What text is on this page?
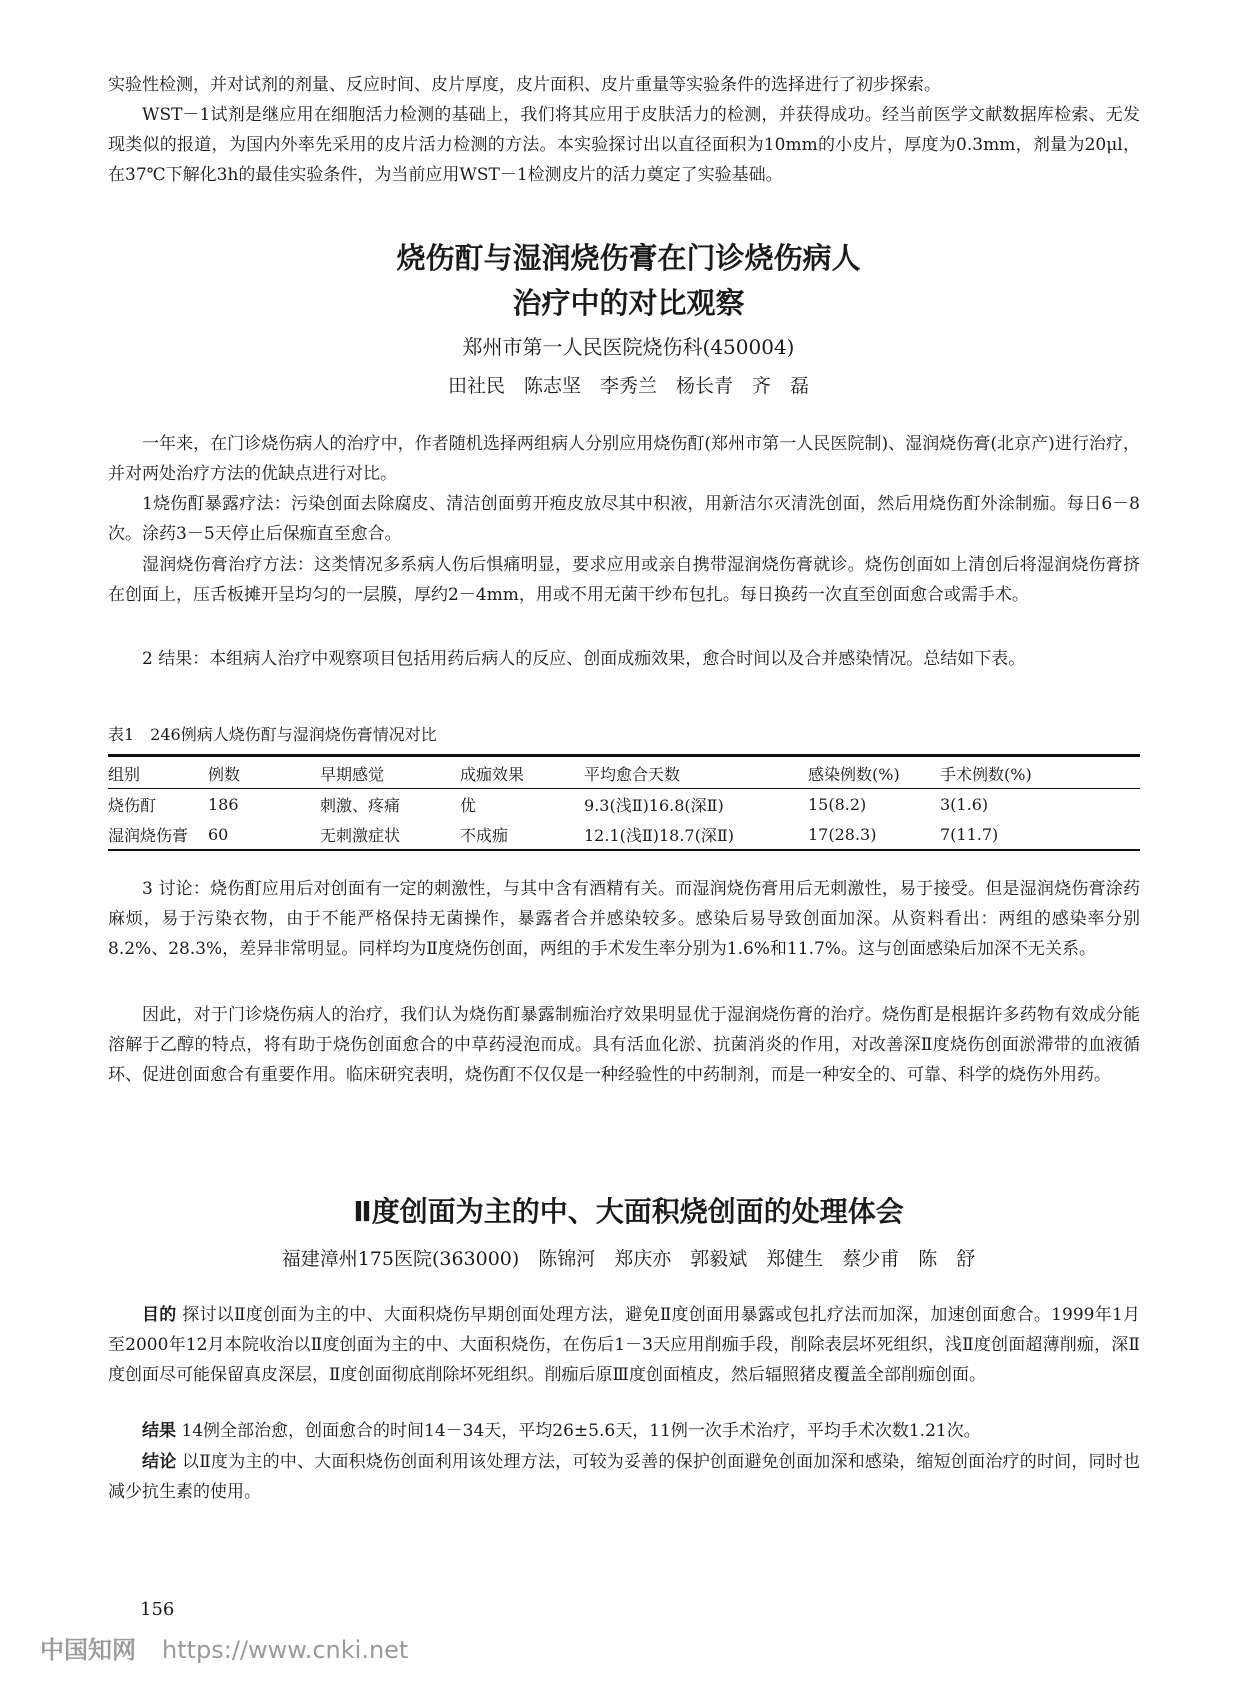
实验性检测，并对试剂的剂量、反应时间、皮片厚度，皮片面积、皮片重量等实验条件的选择进行了初步探索。

WST－1试剂是继应用在细胞活力检测的基础上，我们将其应用于皮肤活力的检测，并获得成功。经当前医学文献数据库检索、无发现类似的报道，为国内外率先采用的皮片活力检测的方法。本实验探讨出以直径面积为10mm的小皮片，厚度为0.3mm，剂量为20μl，在37℃下解化3h的最佳实验条件，为当前应用WST－1检测皮片的活力奠定了实验基础。

烧伤酊与湿润烧伤膏在门诊烧伤病人
治疗中的对比观察

郑州市第一人民医院烧伤科(450004)

田社民　陈志坚　李秀兰　杨长青　齐　磊

一年来，在门诊烧伤病人的治疗中，作者随机选择两组病人分别应用烧伤酊(郑州市第一人民医院制)、湿润烧伤膏(北京产)进行治疗，并对两处治疗方法的优缺点进行对比。

1烧伤酊暴露疗法：污染创面去除腐皮、清洁创面剪开疱皮放尽其中积液，用新洁尔灭清洗创面，然后用烧伤酊外涂制痂。每日6－8次。涂药3－5天停止后保痂直至愈合。

湿润烧伤膏治疗方法：这类情况多系病人伤后惧痛明显，要求应用或亲自携带湿润烧伤膏就诊。烧伤创面如上清创后将湿润烧伤膏挤在创面上，压舌板摊开呈均匀的一层膜，厚约2－4mm，用或不用无菌干纱布包扎。每日换药一次直至创面愈合或需手术。

2 结果：本组病人治疗中观察项目包括用药后病人的反应、创面成痂效果，愈合时间以及合并感染情况。总结如下表。

表1　246例病人烧伤酊与湿润烧伤膏情况对比

组别	例数	早期感觉	成痂效果	平均愈合天数	感染例数(%)	手术例数(%)
烧伤酊	186	刺激、疼痛	优	9.3(浅Ⅱ)16.8(深Ⅱ)	15(8.2)	3(1.6)
湿润烧伤膏	60	无刺激症状	不成痂	12.1(浅Ⅱ)18.7(深Ⅱ)	17(28.3)	7(11.7)

3 讨论：烧伤酊应用后对创面有一定的刺激性，与其中含有酒精有关。而湿润烧伤膏用后无刺激性，易于接受。但是湿润烧伤膏涂药麻烦，易于污染衣物，由于不能严格保持无菌操作，暴露者合并感染较多。感染后易导致创面加深。从资料看出：两组的感染率分别8.2%、28.3%，差异非常明显。同样均为Ⅱ度烧伤创面，两组的手术发生率分别为1.6%和11.7%。这与创面感染后加深不无关系。

因此，对于门诊烧伤病人的治疗，我们认为烧伤酊暴露制痂治疗效果明显优于湿润烧伤膏的治疗。烧伤酊是根据许多药物有效成分能溶解于乙醇的特点，将有助于烧伤创面愈合的中草药浸泡而成。具有活血化淤、抗菌消炎的作用，对改善深Ⅱ度烧伤创面淤滞带的血液循环、促进创面愈合有重要作用。临床研究表明，烧伤酊不仅仅是一种经验性的中药制剂，而是一种安全的、可靠、科学的烧伤外用药。

Ⅱ度创面为主的中、大面积烧创面的处理体会

福建漳州175医院(363000)　陈锦河　郑庆亦　郭毅斌　郑健生　蔡少甫　陈　舒

目的 探讨以Ⅱ度创面为主的中、大面积烧伤早期创面处理方法，避免Ⅱ度创面用暴露或包扎疗法而加深，加速创面愈合。1999年1月至2000年12月本院收治以Ⅱ度创面为主的中、大面积烧伤，在伤后1－3天应用削痂手段，削除表层坏死组织，浅Ⅱ度创面超薄削痂，深Ⅱ度创面尽可能保留真皮深层，Ⅱ度创面彻底削除坏死组织。削痂后原Ⅲ度创面植皮，然后辐照猪皮覆盖全部削痂创面。

结果 14例全部治愈，创面愈合的时间14－34天，平均26±5.6天，11例一次手术治疗，平均手术次数1.21次。

结论 以Ⅱ度为主的中、大面积烧伤创面利用该处理方法，可较为妥善的保护创面避免创面加深和感染，缩短创面治疗的时间，同时也减少抗生素的使用。

156

中国知网 https://www.cnki.net
